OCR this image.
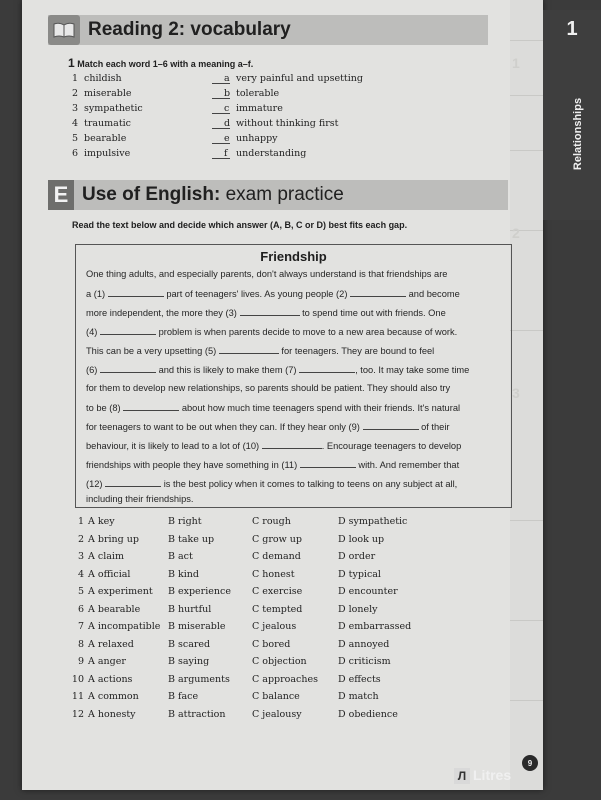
1
2
3
1
Relationships
Reading 2: vocabulary
1 Match each word 1–6 with a meaning a–f.
1 childish	a very painful and upsetting
2 miserable	b tolerable
3 sympathetic	c immature
4 traumatic	d without thinking first
5 bearable	e unhappy
6 impulsive	f understanding
E Use of English: exam practice
Read the text below and decide which answer (A, B, C or D) best fits each gap.
Friendship
One thing adults, and especially parents, don't always understand is that friendships are
a (1)	part of teenagers' lives. As young people (2)	and become
more independent, the more they (3)	to spend time out with friends. One
(4)	problem is when parents decide to move to a new area because of work.
This can be a very upsetting (5)	for teenagers. They are bound to feel
(6)	and this is likely to make them (7)	, too. It may take some time
for them to develop new relationships, so parents should be patient. They should also try
to be (8)	about how much time teenagers spend with their friends. It's natural
for teenagers to want to be out when they can. If they hear only (9)	of their
behaviour, it is likely to lead to a lot of (10)	. Encourage teenagers to develop
friendships with people they have something in (11)	with. And remember that
(12)	is the best policy when it comes to talking to teens on any subject at all,
including their friendships.
1 A key	B right	C rough	D sympathetic
2 A bring up	B take up	C grow up	D look up
3 A claim	B act	C demand	D order
4 A official	B kind	C honest	D typical
5 A experiment B experience C exercise	D encounter
6 A bearable	B hurtful	C tempted	D lonely
7 A incompatible B miserable	C jealous	D embarrassed
8 A relaxed	B scared	C bored	D annoyed
9 A anger	B saying	C objection	D criticism
10 A actions	B arguments C approaches D effects
11 A common	B face	C balance	D match
12 A honesty	B attraction	C jealousy	D obedience
9
Л Litres
